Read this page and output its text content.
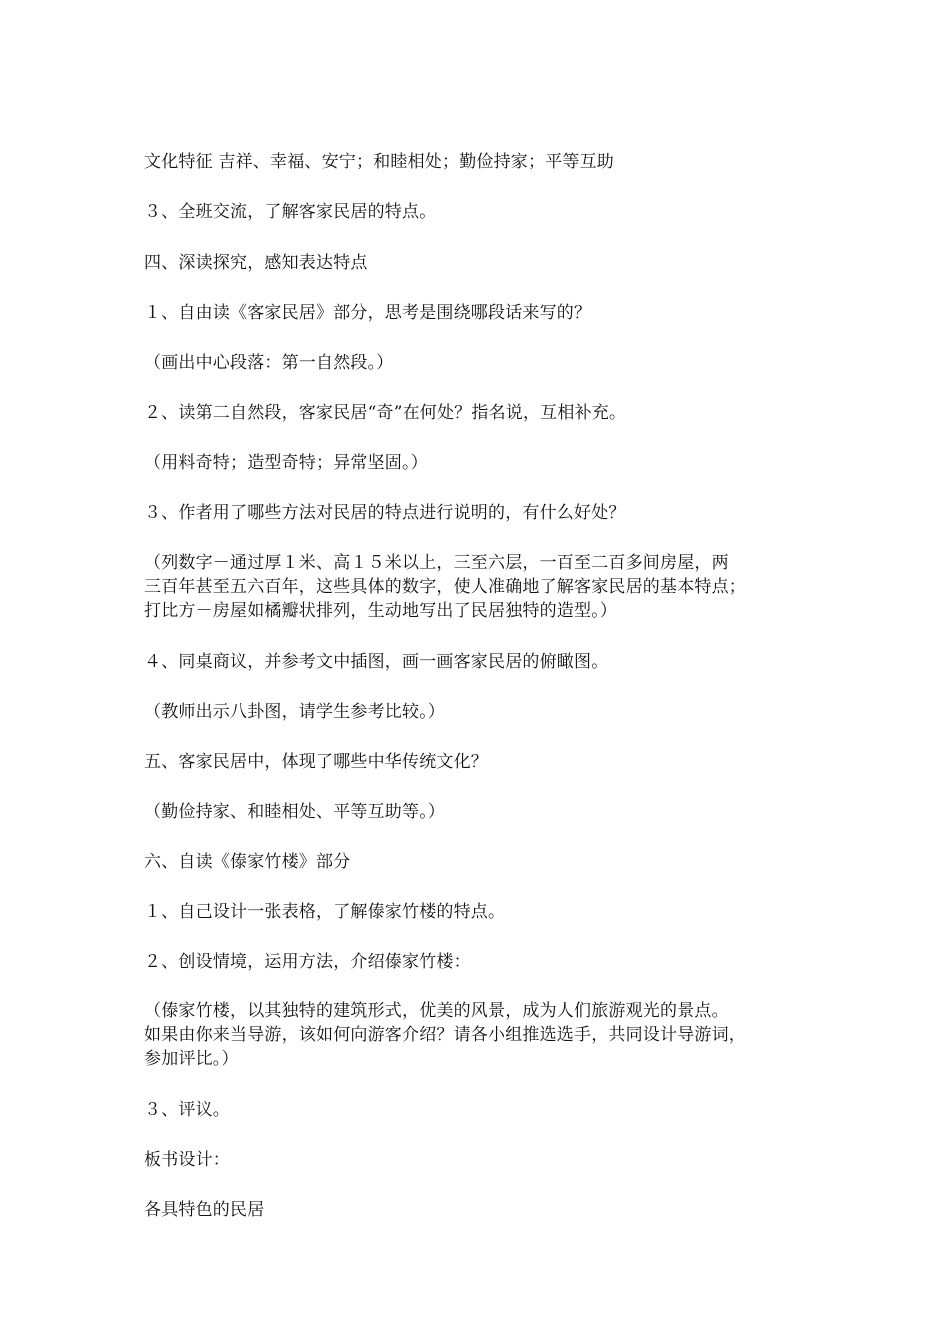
文化特征 吉祥、幸福、安宁；和睦相处；勤俭持家；平等互助
３、全班交流，了解客家民居的特点。
四、深读探究，感知表达特点
１、自由读《客家民居》部分，思考是围绕哪段话来写的？
（画出中心段落：第一自然段。）
２、读第二自然段，客家民居“奇”在何处？指名说，互相补充。
（用料奇特；造型奇特；异常坚固。）
３、作者用了哪些方法对民居的特点进行说明的，有什么好处？
（列数字－通过厚１米、高１５米以上，三至六层，一百至二百多间房屋，两
三百年甚至五六百年，这些具体的数字，使人准确地了解客家民居的基本特点；
打比方－房屋如橘瓣状排列，生动地写出了民居独特的造型。）
４、同桌商议，并参考文中插图，画一画客家民居的俯瞰图。
（教师出示八卦图，请学生参考比较。）
五、客家民居中，体现了哪些中华传统文化？
（勤俭持家、和睦相处、平等互助等。）
六、自读《傣家竹楼》部分
１、自己设计一张表格，了解傣家竹楼的特点。
２、创设情境，运用方法，介绍傣家竹楼：
（傣家竹楼，以其独特的建筑形式，优美的风景，成为人们旅游观光的景点。
如果由你来当导游，该如何向游客介绍？请各小组推选选手，共同设计导游词，
参加评比。）
３、评议。
板书设计：
各具特色的民居
